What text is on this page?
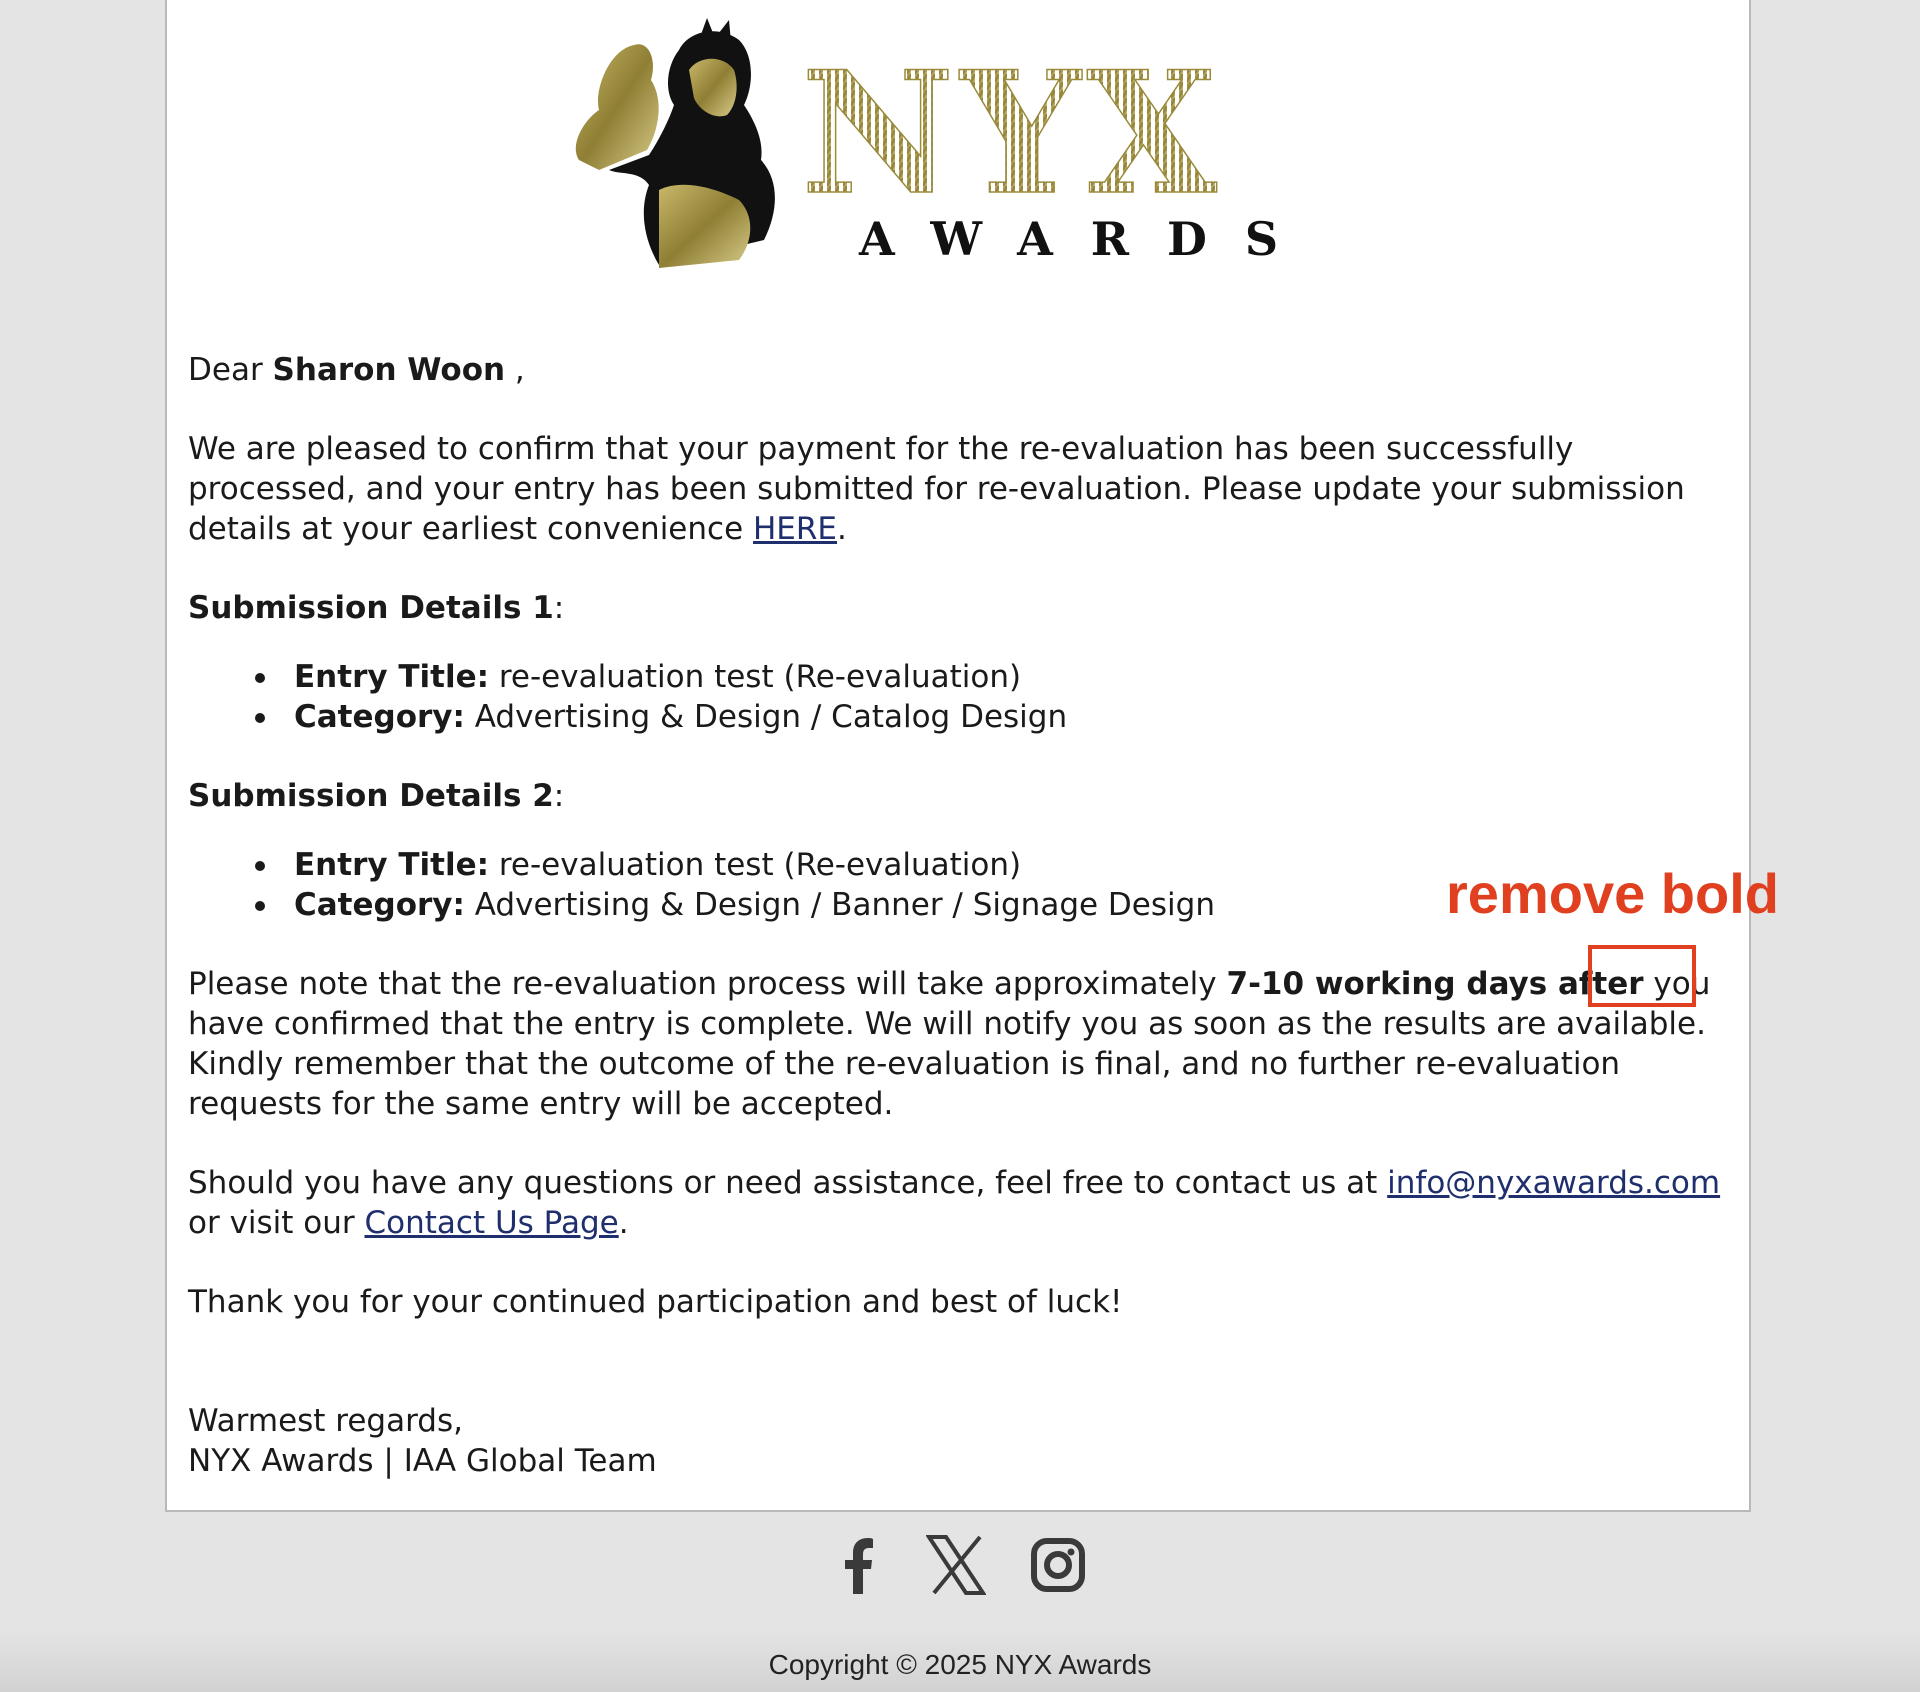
NYX
AWARDS

Dear Sharon Woon ,

We are pleased to confirm that your payment for the re-evaluation has been successfully processed, and your entry has been submitted for re-evaluation. Please update your submission details at your earliest convenience HERE.

Submission Details 1:

Entry Title: re-evaluation test (Re-evaluation)
Category: Advertising & Design / Catalog Design

Submission Details 2:

Entry Title: re-evaluation test (Re-evaluation)
Category: Advertising & Design / Banner / Signage Design

Please note that the re-evaluation process will take approximately 7-10 working days after you have confirmed that the entry is complete. We will notify you as soon as the results are available. Kindly remember that the outcome of the re-evaluation is final, and no further re-evaluation requests for the same entry will be accepted.

Should you have any questions or need assistance, feel free to contact us at info@nyxawards.com or visit our Contact Us Page.

Thank you for your continued participation and best of luck!

Warmest regards,

NYX Awards | IAA Global Team

remove bold
Copyright © 2025 NYX Awards
